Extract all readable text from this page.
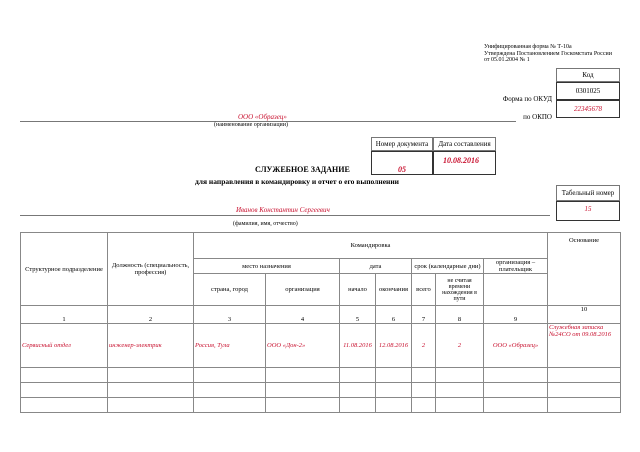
Унифицированная форма № Т-10а
Утверждена Постановлением Госкомстата России
от 05.01.2004 № 1
Код
0301025
22345678
Форма по ОКУД
по ОКПО
ООО «Образец»
(наименование организации)
Номер документа	Дата составления
05
10.08.2016
СЛУЖЕБНОЕ ЗАДАНИЕ
для направления в командировку и отчет о его выполнении
Табельный номер
15
Иванов Константин Сергеевич
(фамилия, имя, отчество)
Структурное подразделение	Должность (специальность, профессия)	Командировка							Основание
		место назначения		дата		срок (календарные дни)		организация – плательщик	
		страна, город	организация	начало	окончания	всего	не считая времени нахождения в пути		
1	2	3	4	5	6	7	8	9	10
Сервисный отдел	инженер-электрик	Россия, Тула	ООО «Дон-2»	11.08.2016	12.08.2016	2	2	ООО «Образец»	Служебная записка №24СО от 09.08.2016
